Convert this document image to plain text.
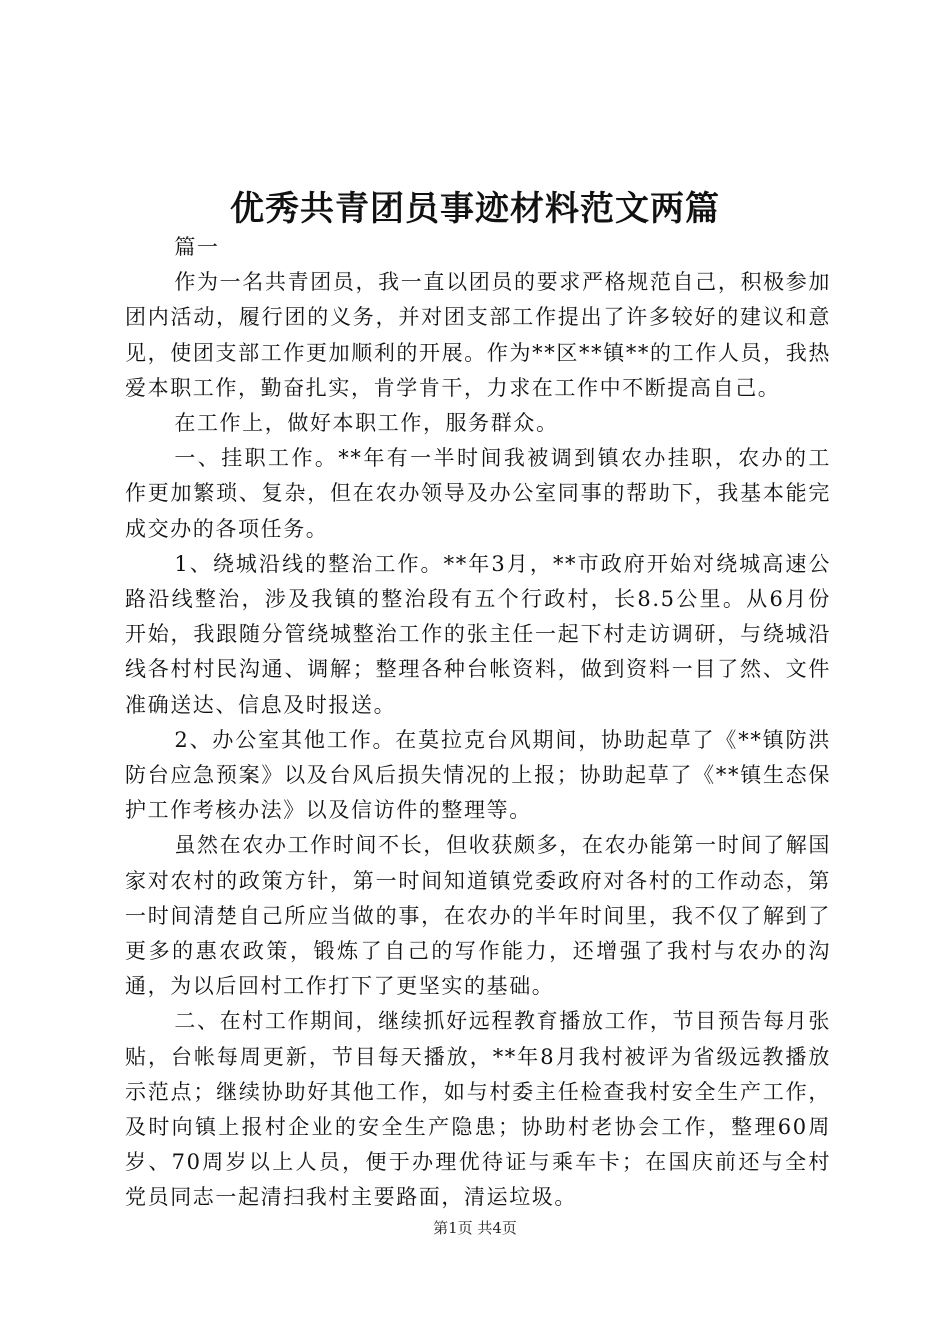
优秀共青团员事迹材料范文两篇

篇一

作为一名共青团员，我一直以团员的要求严格规范自己，积极参加团内活动，履行团的义务，并对团支部工作提出了许多较好的建议和意见，使团支部工作更加顺利的开展。作为**区**镇**的工作人员，我热爱本职工作，勤奋扎实，肯学肯干，力求在工作中不断提高自己。

在工作上，做好本职工作，服务群众。

一、挂职工作。**年有一半时间我被调到镇农办挂职，农办的工作更加繁琐、复杂，但在农办领导及办公室同事的帮助下，我基本能完成交办的各项任务。

1、绕城沿线的整治工作。**年3月，**市政府开始对绕城高速公路沿线整治，涉及我镇的整治段有五个行政村，长8.5公里。从6月份开始，我跟随分管绕城整治工作的张主任一起下村走访调研，与绕城沿线各村村民沟通、调解；整理各种台帐资料，做到资料一目了然、文件准确送达、信息及时报送。

2、办公室其他工作。在莫拉克台风期间，协助起草了《**镇防洪防台应急预案》以及台风后损失情况的上报；协助起草了《**镇生态保护工作考核办法》以及信访件的整理等。

虽然在农办工作时间不长，但收获颇多，在农办能第一时间了解国家对农村的政策方针，第一时间知道镇党委政府对各村的工作动态，第一时间清楚自己所应当做的事，在农办的半年时间里，我不仅了解到了更多的惠农政策，锻炼了自己的写作能力，还增强了我村与农办的沟通，为以后回村工作打下了更坚实的基础。

二、在村工作期间，继续抓好远程教育播放工作，节目预告每月张贴，台帐每周更新，节目每天播放，**年8月我村被评为省级远教播放示范点；继续协助好其他工作，如与村委主任检查我村安全生产工作，及时向镇上报村企业的安全生产隐患；协助村老协会工作，整理60周岁、70周岁以上人员，便于办理优待证与乘车卡；在国庆前还与全村党员同志一起清扫我村主要路面，清运垃圾。

第1页 共4页
